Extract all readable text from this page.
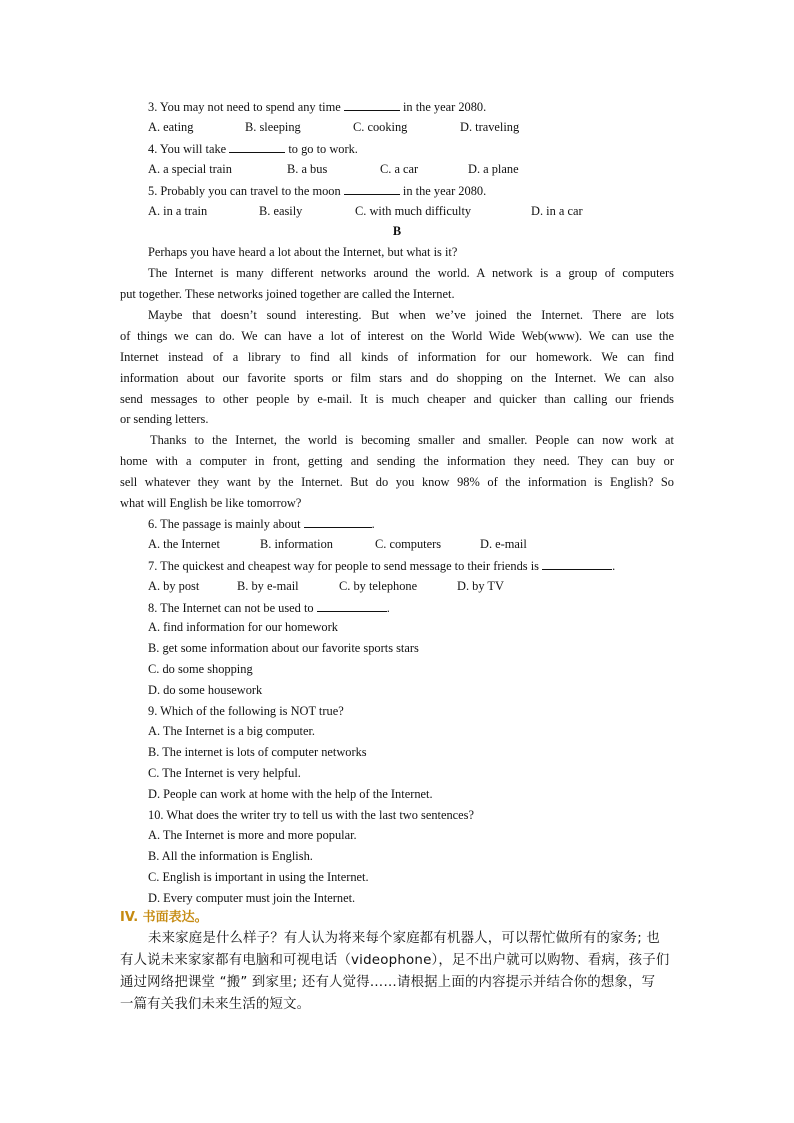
3. You may not need to spend any time	in the year 2080.
A. eating	B. sleeping	C. cooking	D. traveling
4. You will take	to go to work.
A. a special train	B. a bus	C. a car	D. a plane
5. Probably you can travel to the moon	in the year 2080.
A. in a train	B. easily	C. with much difficulty	D. in a car
B
Perhaps you have heard a lot about the Internet, but what is it?
The Internet is many different networks around the world. A network is a group of computers
put together. These networks joined together are called the Internet.
Maybe that doesn’t sound interesting. But when we’ve joined the Internet. There are lots
of things we can do. We can have a lot of interest on the World Wide Web(www). We can use the
Internet instead of a library to find all kinds of information for our homework. We can find
information about our favorite sports or film stars and do shopping on the Internet. We can also
send messages to other people by e-mail. It is much cheaper and quicker than calling our friends
or sending letters.
Thanks to the Internet, the world is becoming smaller and smaller. People can now work at
home with a computer in front, getting and sending the information they need. They can buy or
sell whatever they want by the Internet. But do you know 98% of the information is English? So
what will English be like tomorrow?
6. The passage is mainly about	.
A. the Internet	B. information	C. computers	D. e-mail
7. The quickest and cheapest way for people to send message to their friends is	.
A. by post	B. by e-mail	C. by telephone	D. by TV
8. The Internet can not be used to	.
A. find information for our homework
B. get some information about our favorite sports stars
C. do some shopping
D. do some housework
9. Which of the following is NOT true?
A. The Internet is a big computer.
B. The internet is lots of computer networks
C. The Internet is very helpful.
D. People can work at home with the help of the Internet.
10. What does the writer try to tell us with the last two sentences?
A. The Internet is more and more popular.
B. All the information is English.
C. English is important in using the Internet.
D. Every computer must join the Internet.
IV. 书面表达。
未来家庭是什么样子？有人认为将来每个家庭都有机器人，可以帮忙做所有的家务; 也
有人说未来家家都有电脑和可视电话（videophone），足不出户就可以购物、看病，孩子们
通过网络把课堂 “搬” 到家里; 还有人觉得……请根据上面的内容提示并结合你的想象，写
一篇有关我们未来生活的短文。
